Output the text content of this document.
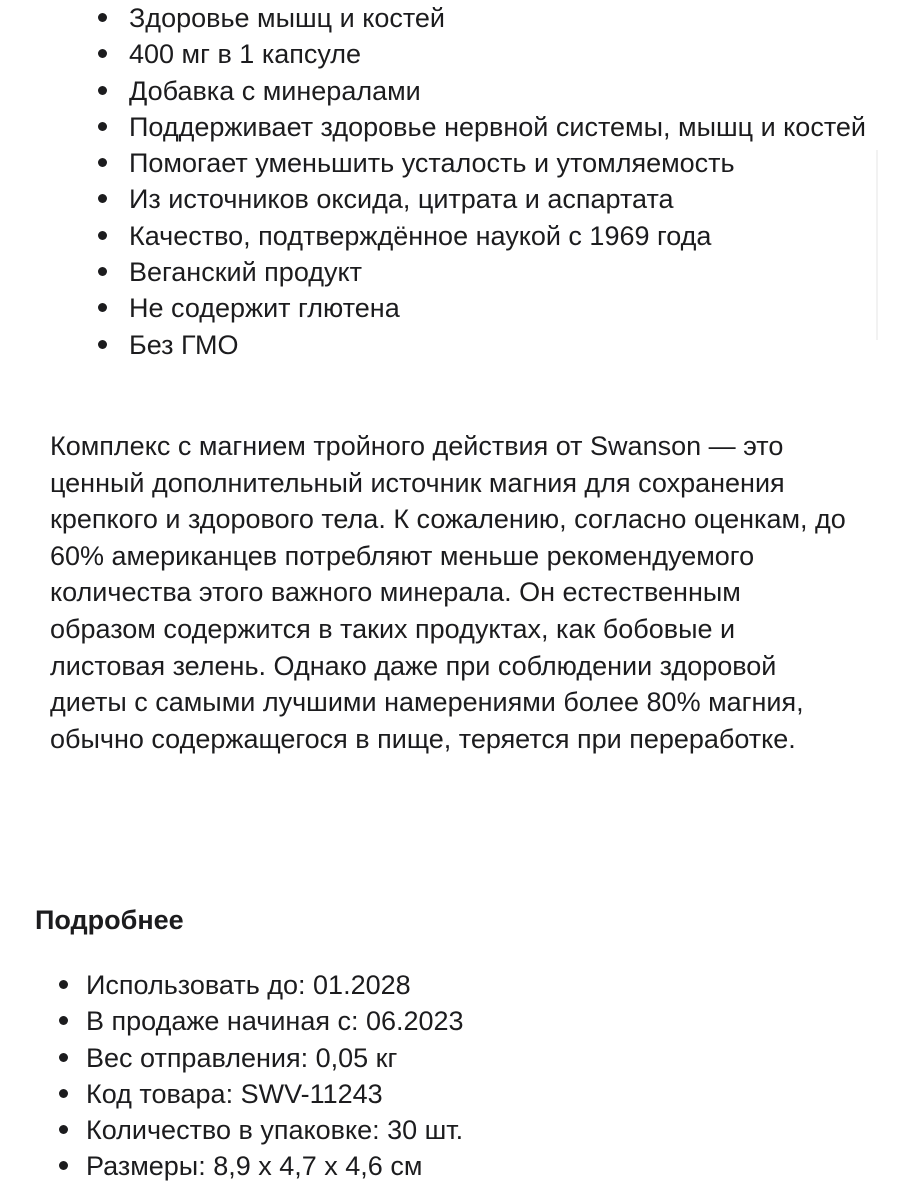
Здоровье мышц и костей
400 мг в 1 капсуле
Добавка с минералами
Поддерживает здоровье нервной системы, мышц и костей
Помогает уменьшить усталость и утомляемость
Из источников оксида, цитрата и аспартата
Качество, подтверждённое наукой с 1969 года
Веганский продукт
Не содержит глютена
Без ГМО

Комплекс с магнием тройного действия от Swanson — это ценный дополнительный источник магния для сохранения крепкого и здорового тела. К сожалению, согласно оценкам, до 60% американцев потребляют меньше рекомендуемого количества этого важного минерала. Он естественным образом содержится в таких продуктах, как бобовые и листовая зелень. Однако даже при соблюдении здоровой диеты с самыми лучшими намерениями более 80% магния, обычно содержащегося в пище, теряется при переработке.

Подробнее
Использовать до: 01.2028
В продаже начиная с: 06.2023
Вес отправления: 0,05 кг
Код товара: SWV-11243
Количество в упаковке: 30 шт.
Размеры: 8,9 x 4,7 x 4,6 см
